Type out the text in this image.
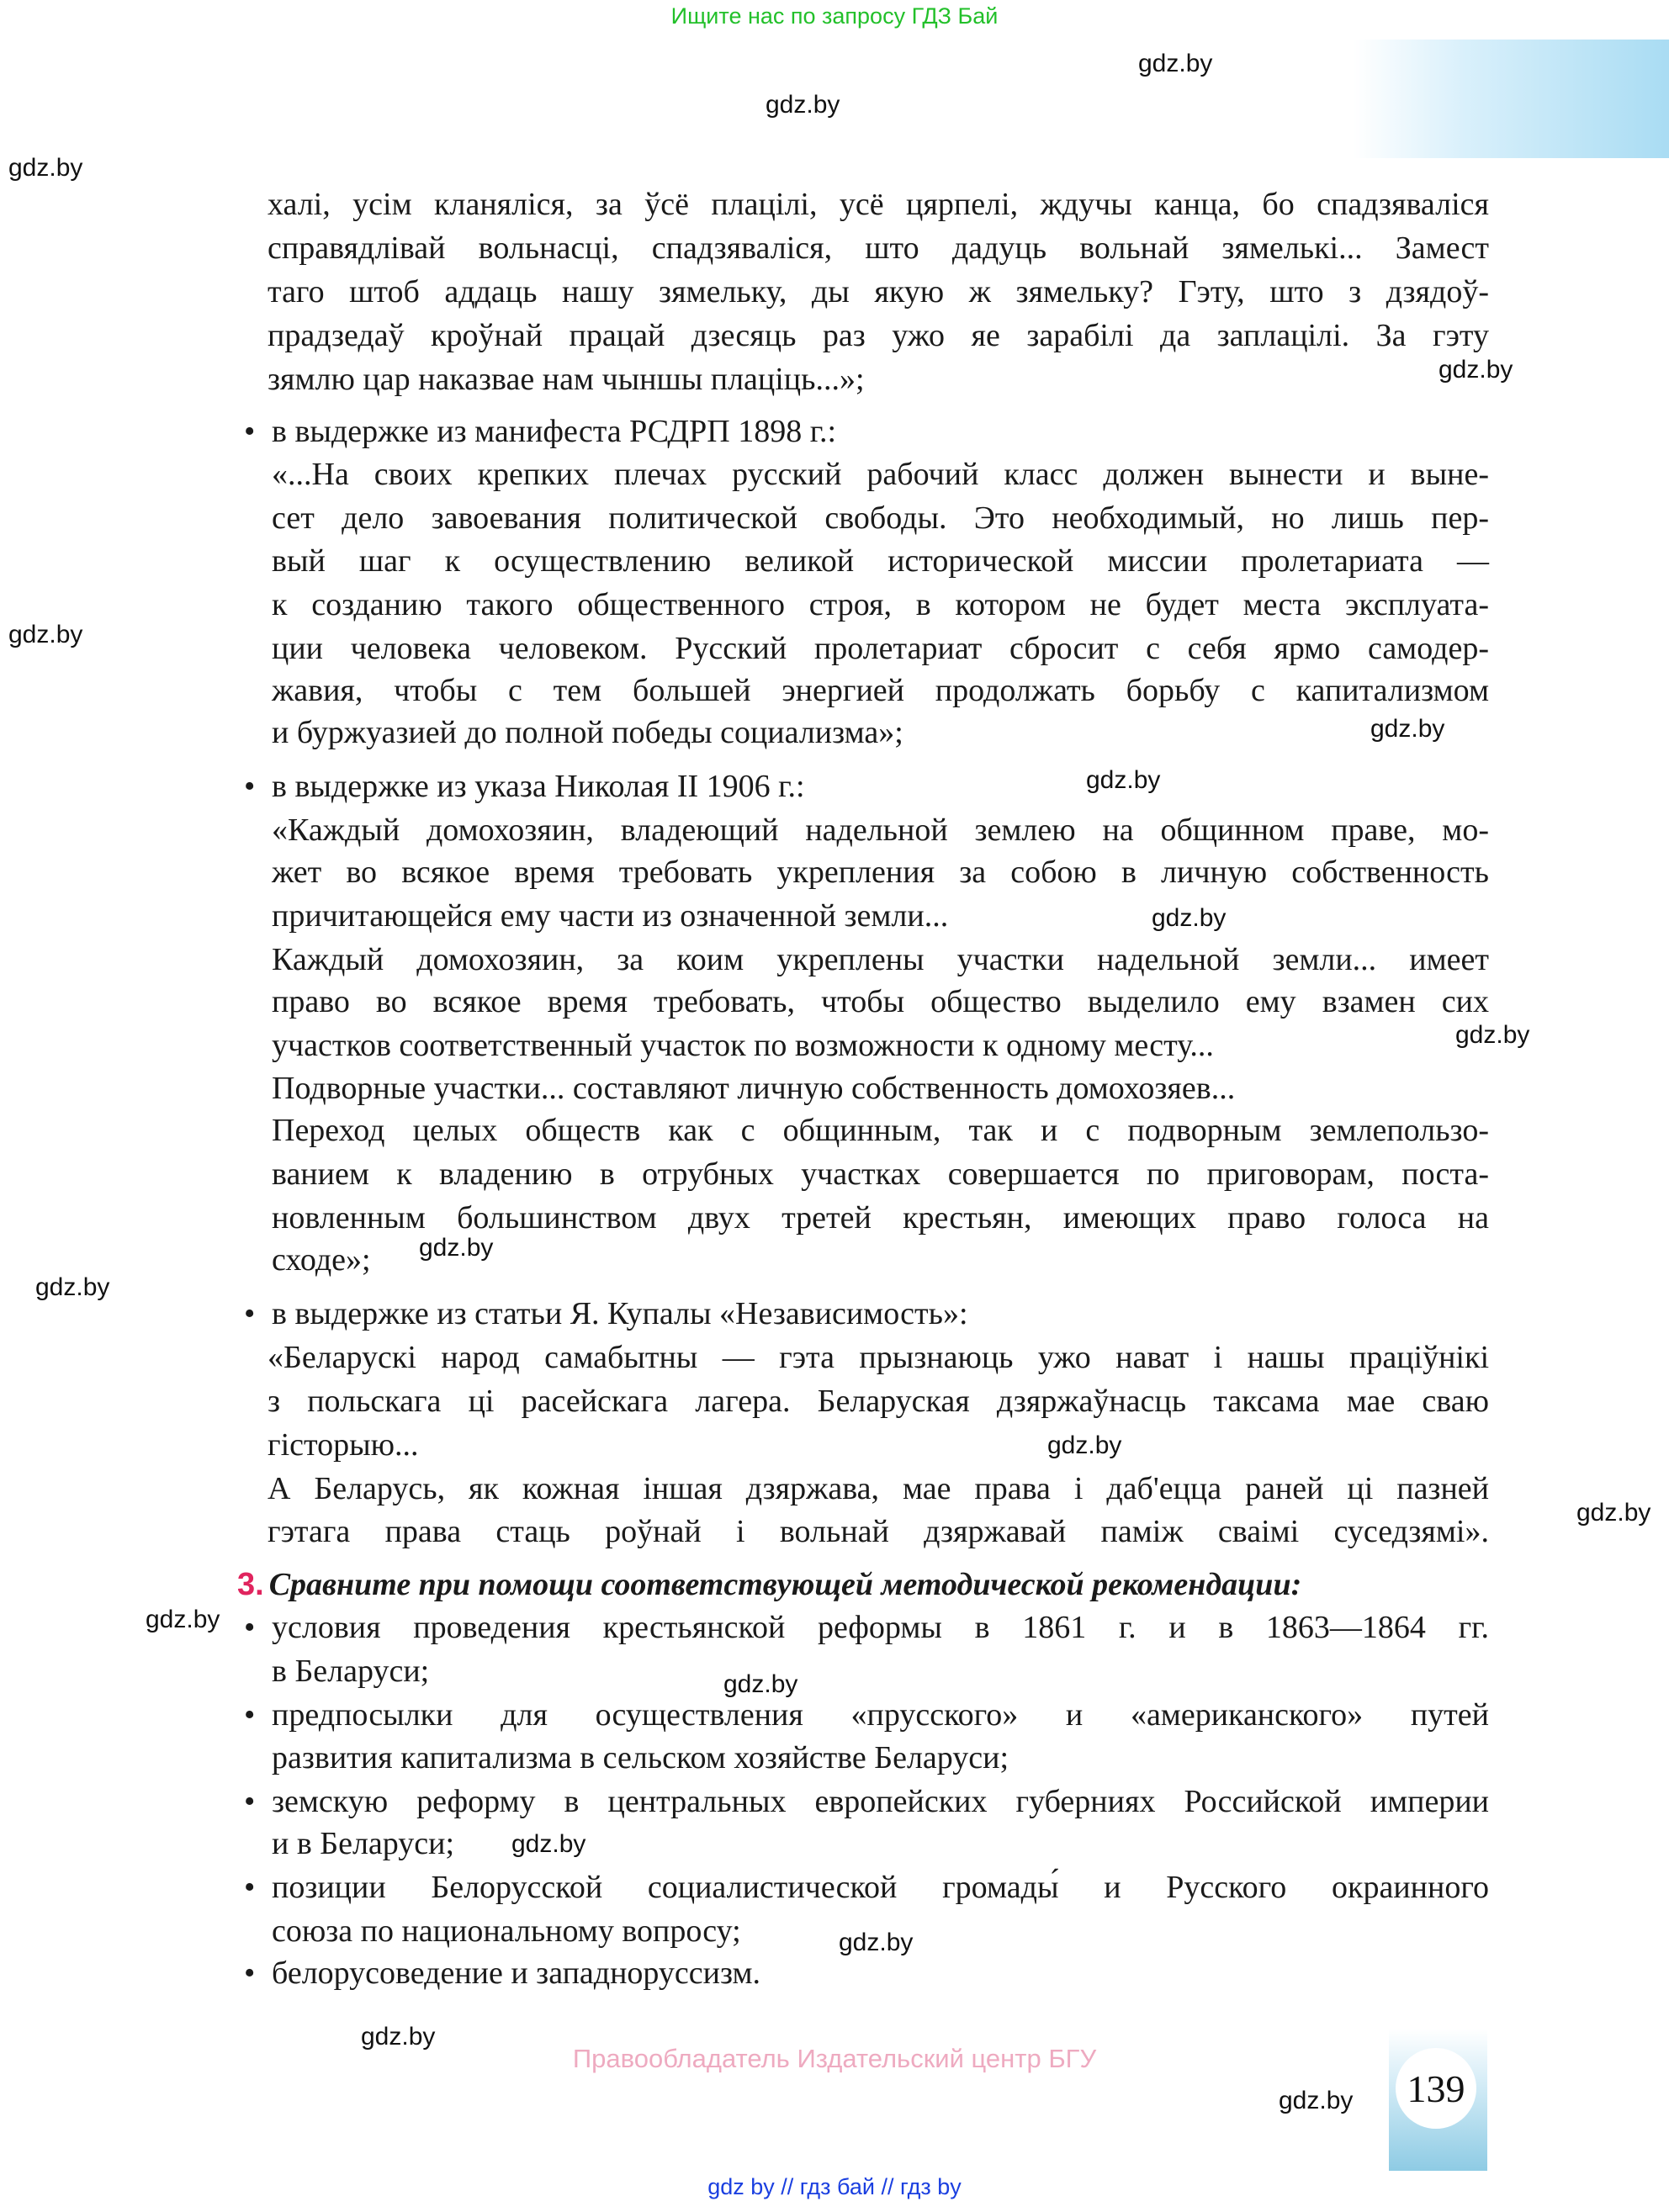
Ищите нас по запросу ГДЗ Бай
халі, усім кланяліся, за ўсё плацілі, усё цярпелі, ждучы канца, бо спадзяваліся
справядлівай вольнасці, спадзяваліся, што дадуць вольнай зямелькі... Замест
таго штоб аддаць нашу зямельку, ды якую ж зямельку? Гэту, што з дзядоў-
прадзедаў кроўнай працай дзесяць раз ужо яе зарабілі да заплацілі. За гэту
зямлю цар наказвае нам чыншы плаціць...»;
• в выдержке из манифеста РСДРП 1898 г.:
«...На своих крепких плечах русский рабочий класс должен вынести и выне-
сет дело завоевания политической свободы. Это необходимый, но лишь пер-
вый шаг к осуществлению великой исторической миссии пролетариата —
к созданию такого общественного строя, в котором не будет места эксплуата-
ции человека человеком. Русский пролетариат сбросит с себя ярмо самодер-
жавия, чтобы с тем большей энергией продолжать борьбу с капитализмом
и буржуазией до полной победы социализма»;
• в выдержке из указа Николая II 1906 г.:
«Каждый домохозяин, владеющий надельной землею на общинном праве, мо-
жет во всякое время требовать укрепления за собою в личную собственность
причитающейся ему части из означенной земли...
Каждый домохозяин, за коим укреплены участки надельной земли... имеет
право во всякое время требовать, чтобы общество выделило ему взамен сих
участков соответственный участок по возможности к одному месту...
Подворные участки... составляют личную собственность домохозяев...
Переход целых обществ как с общинным, так и с подворным землепользо-
ванием к владению в отрубных участках совершается по приговорам, поста-
новленным большинством двух третей крестьян, имеющих право голоса на
сходе»;
• в выдержке из статьи Я. Купалы «Независимость»:
«Беларускі народ самабытны — гэта прызнаюць ужо нават і нашы праціўнікі
з польскага ці расейскага лагера. Беларуская дзяржаўнасць таксама мае сваю
гісторыю...
А Беларусь, як кожная іншая дзяржава, мае права і даб'ецца раней ці пазней
гэтага права стаць роўнай і вольнай дзяржавай паміж сваімі суседзямі».
3. Сравните при помощи соответствующей методической рекомендации:
• условия проведения крестьянской реформы в 1861 г. и в 1863—1864 гг.
в Беларуси;
• предпосылки для осуществления «прусского» и «американского» путей
развития капитализма в сельском хозяйстве Беларуси;
• земскую реформу в центральных европейских губерниях Российской империи
и в Беларуси;
• позиции Белорусской социалистической громады́ и Русского окраинного
союза по национальному вопросу;
• белорусоведение и западнорусcизм.
gdz.by
gdz.by
gdz.by
gdz.by
gdz.by
gdz.by
gdz.by
gdz.by
gdz.by
gdz.by
gdz.by
gdz.by
gdz.by
gdz.by
gdz.by
gdz.by
gdz.by
gdz.by
gdz.by
Правообладатель Издательский центр БГУ
139
gdz by // гдз бай // гдз by
